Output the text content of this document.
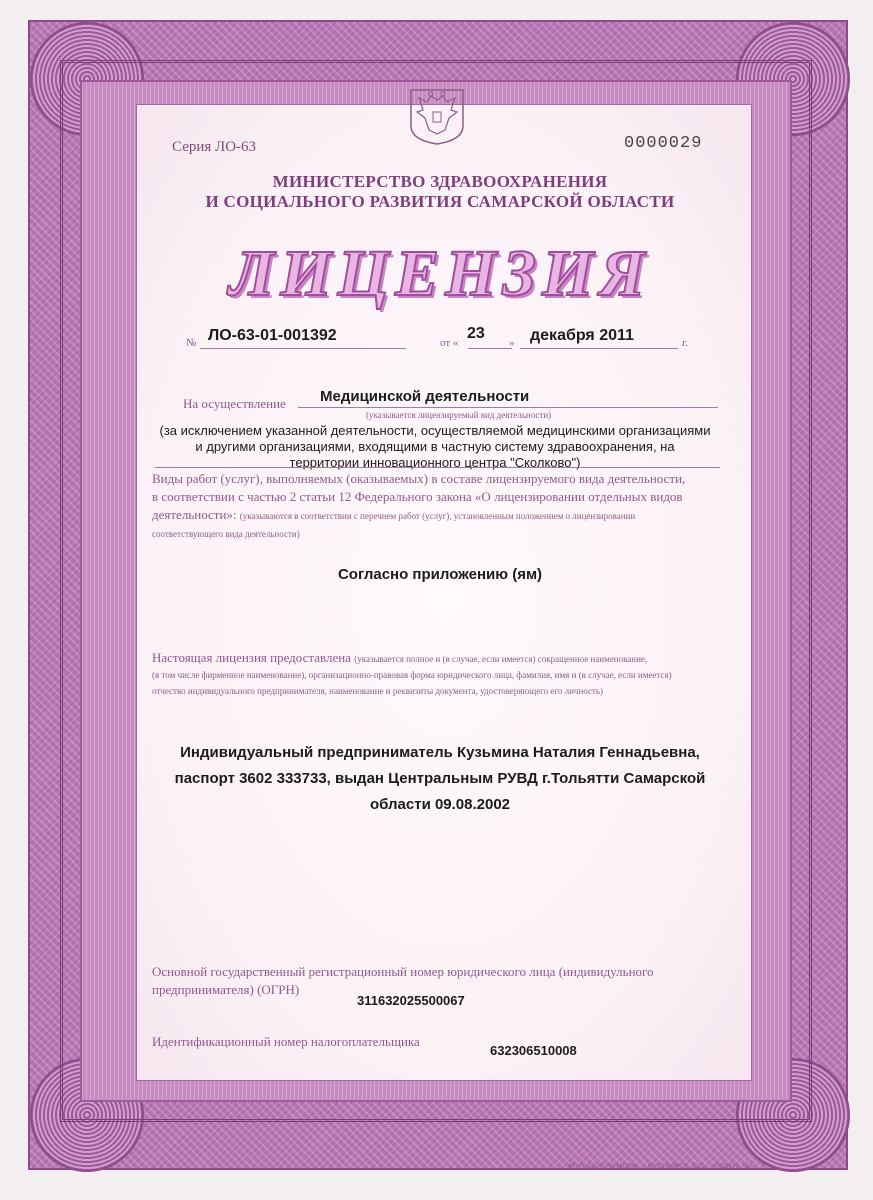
Серия ЛО-63	0000029
МИНИСТЕРСТВО ЗДРАВООХРАНЕНИЯ
И СОЦИАЛЬНОГО РАЗВИТИЯ САМАРСКОЙ ОБЛАСТИ
ЛИЦЕНЗИЯ
№ ЛО-63-01-001392	от «
23
» декабря 2011	г.
На осуществление Медицинской деятельности
(указывается лицензируемый вид деятельности)
(за исключением указанной деятельности, осуществляемой медицинскими организациями
и другими организациями, входящими в частную систему здравоохранения, на
территории инновационного центра "Сколково")
Виды работ (услуг), выполняемых (оказываемых) в составе лицензируемого вида деятельности,
в соответствии с частью 2 статьи 12 Федерального закона «О лицензировании отдельных видов
деятельности»: (указываются в соответствии с перечнем работ (услуг), установленным положением о лицензировании
соответствующего вида деятельности)
Согласно приложению (ям)
Настоящая лицензия предоставлена (указывается полное и (в случае, если имеется) сокращенное наименование,
(в том числе фирменное наименование), организационно-правовая форма юридического лица, фамилия, имя и (в случае, если имеется)
отчество индивидуального предпринимателя, наименование и реквизиты документа, удостоверяющего его личность)
Индивидуальный предприниматель Кузьмина Наталия Геннадьевна,
паспорт 3602 333733, выдан Центральным РУВД г.Тольятти Самарской
области 09.08.2002
Основной государственный регистрационный номер юридического лица (индивидульного
предпринимателя) (ОГРН)
311632025500067
Идентификационный номер налогоплательщика
632306510008
ФГУП «ЦЕНТРИНФОРМ», г. КРАСНОЯРСК, 2011 г., УРОВЕНЬ «Б»
